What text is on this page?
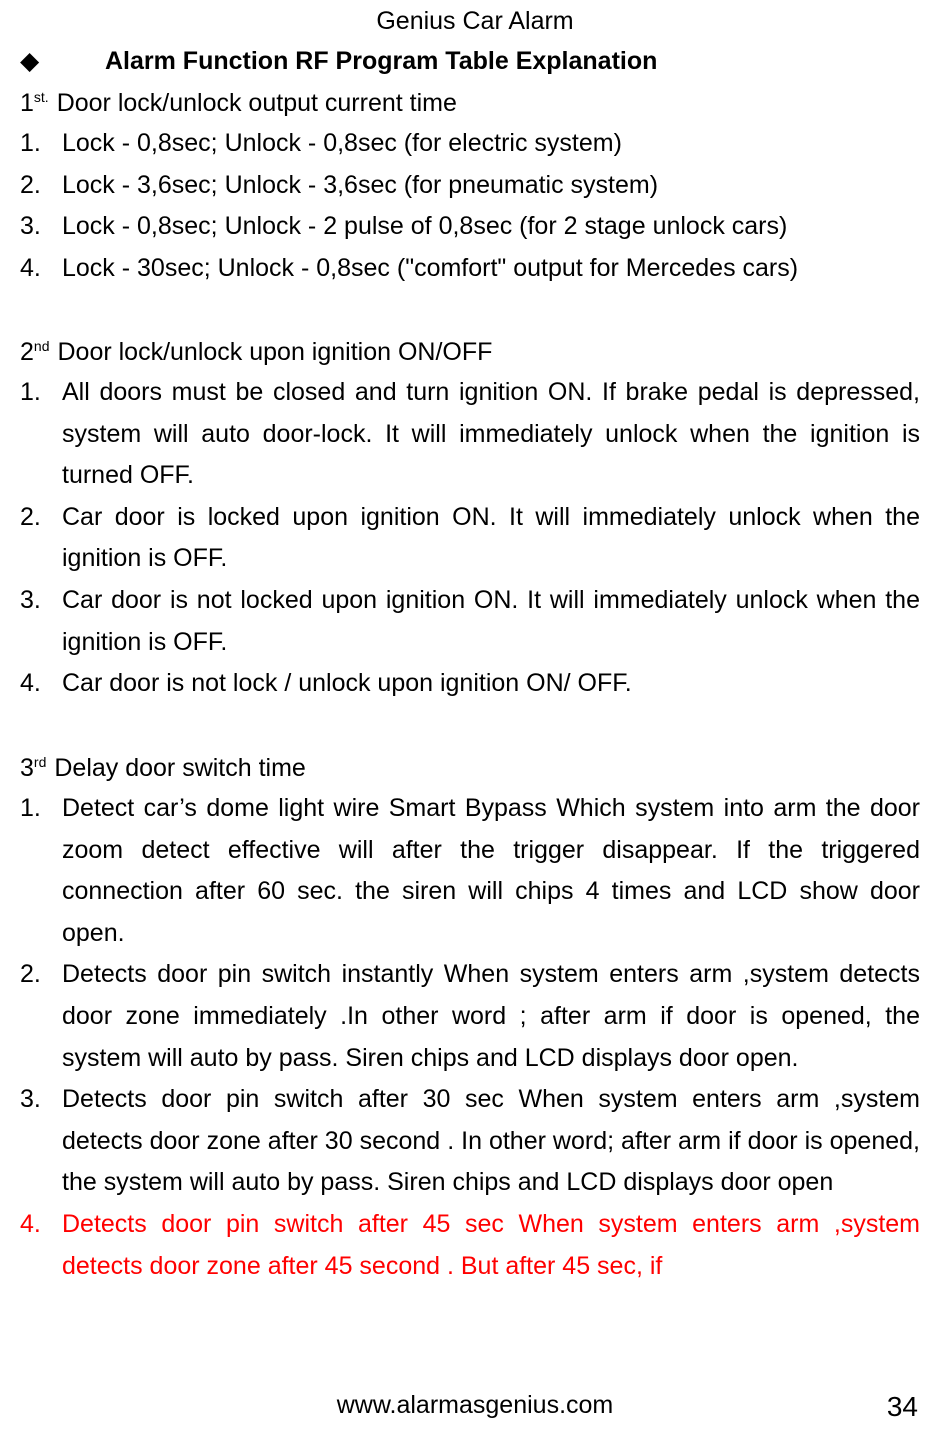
Genius Car Alarm
◆	Alarm Function RF Program Table Explanation
$1^{st.}$ Door lock/unlock output current time
1. Lock - 0,8sec; Unlock - 0,8sec (for electric system)
2. Lock - 3,6sec; Unlock - 3,6sec (for pneumatic system)
3. Lock - 0,8sec; Unlock - 2 pulse of 0,8sec (for 2 stage unlock cars)
4. Lock - 30sec; Unlock - 0,8sec ("comfort" output for Mercedes cars)
2nd Door lock/unlock upon ignition ON/OFF
1. All doors must be closed and turn ignition ON. If brake pedal is depressed, system will auto door-lock. It will immediately unlock when the ignition is turned OFF.
2. Car door is locked upon ignition ON. It will immediately unlock when the ignition is OFF.
3. Car door is not locked upon ignition ON. It will immediately unlock when the ignition is OFF.
4. Car door is not lock / unlock upon ignition ON/ OFF.
3rd Delay door switch time
1. Detect car’s dome light wire Smart Bypass Which system into arm the door zoom detect effective will after the trigger disappear. If the triggered connection after 60 sec. the siren will chips 4 times and LCD show door open.
2. Detects door pin switch instantly When system enters arm ,system detects door zone immediately .In other word ; after arm if door is opened, the system will auto by pass. Siren chips and LCD displays door open.
3. Detects door pin switch after 30 sec When system enters arm ,system detects door zone after 30 second . In other word; after arm if door is opened, the system will auto by pass. Siren chips and LCD displays door open
4. Detects door pin switch after 45 sec When system enters arm ,system detects door zone after 45 second . But after 45 sec, if
www.alarmasgenius.com	34
